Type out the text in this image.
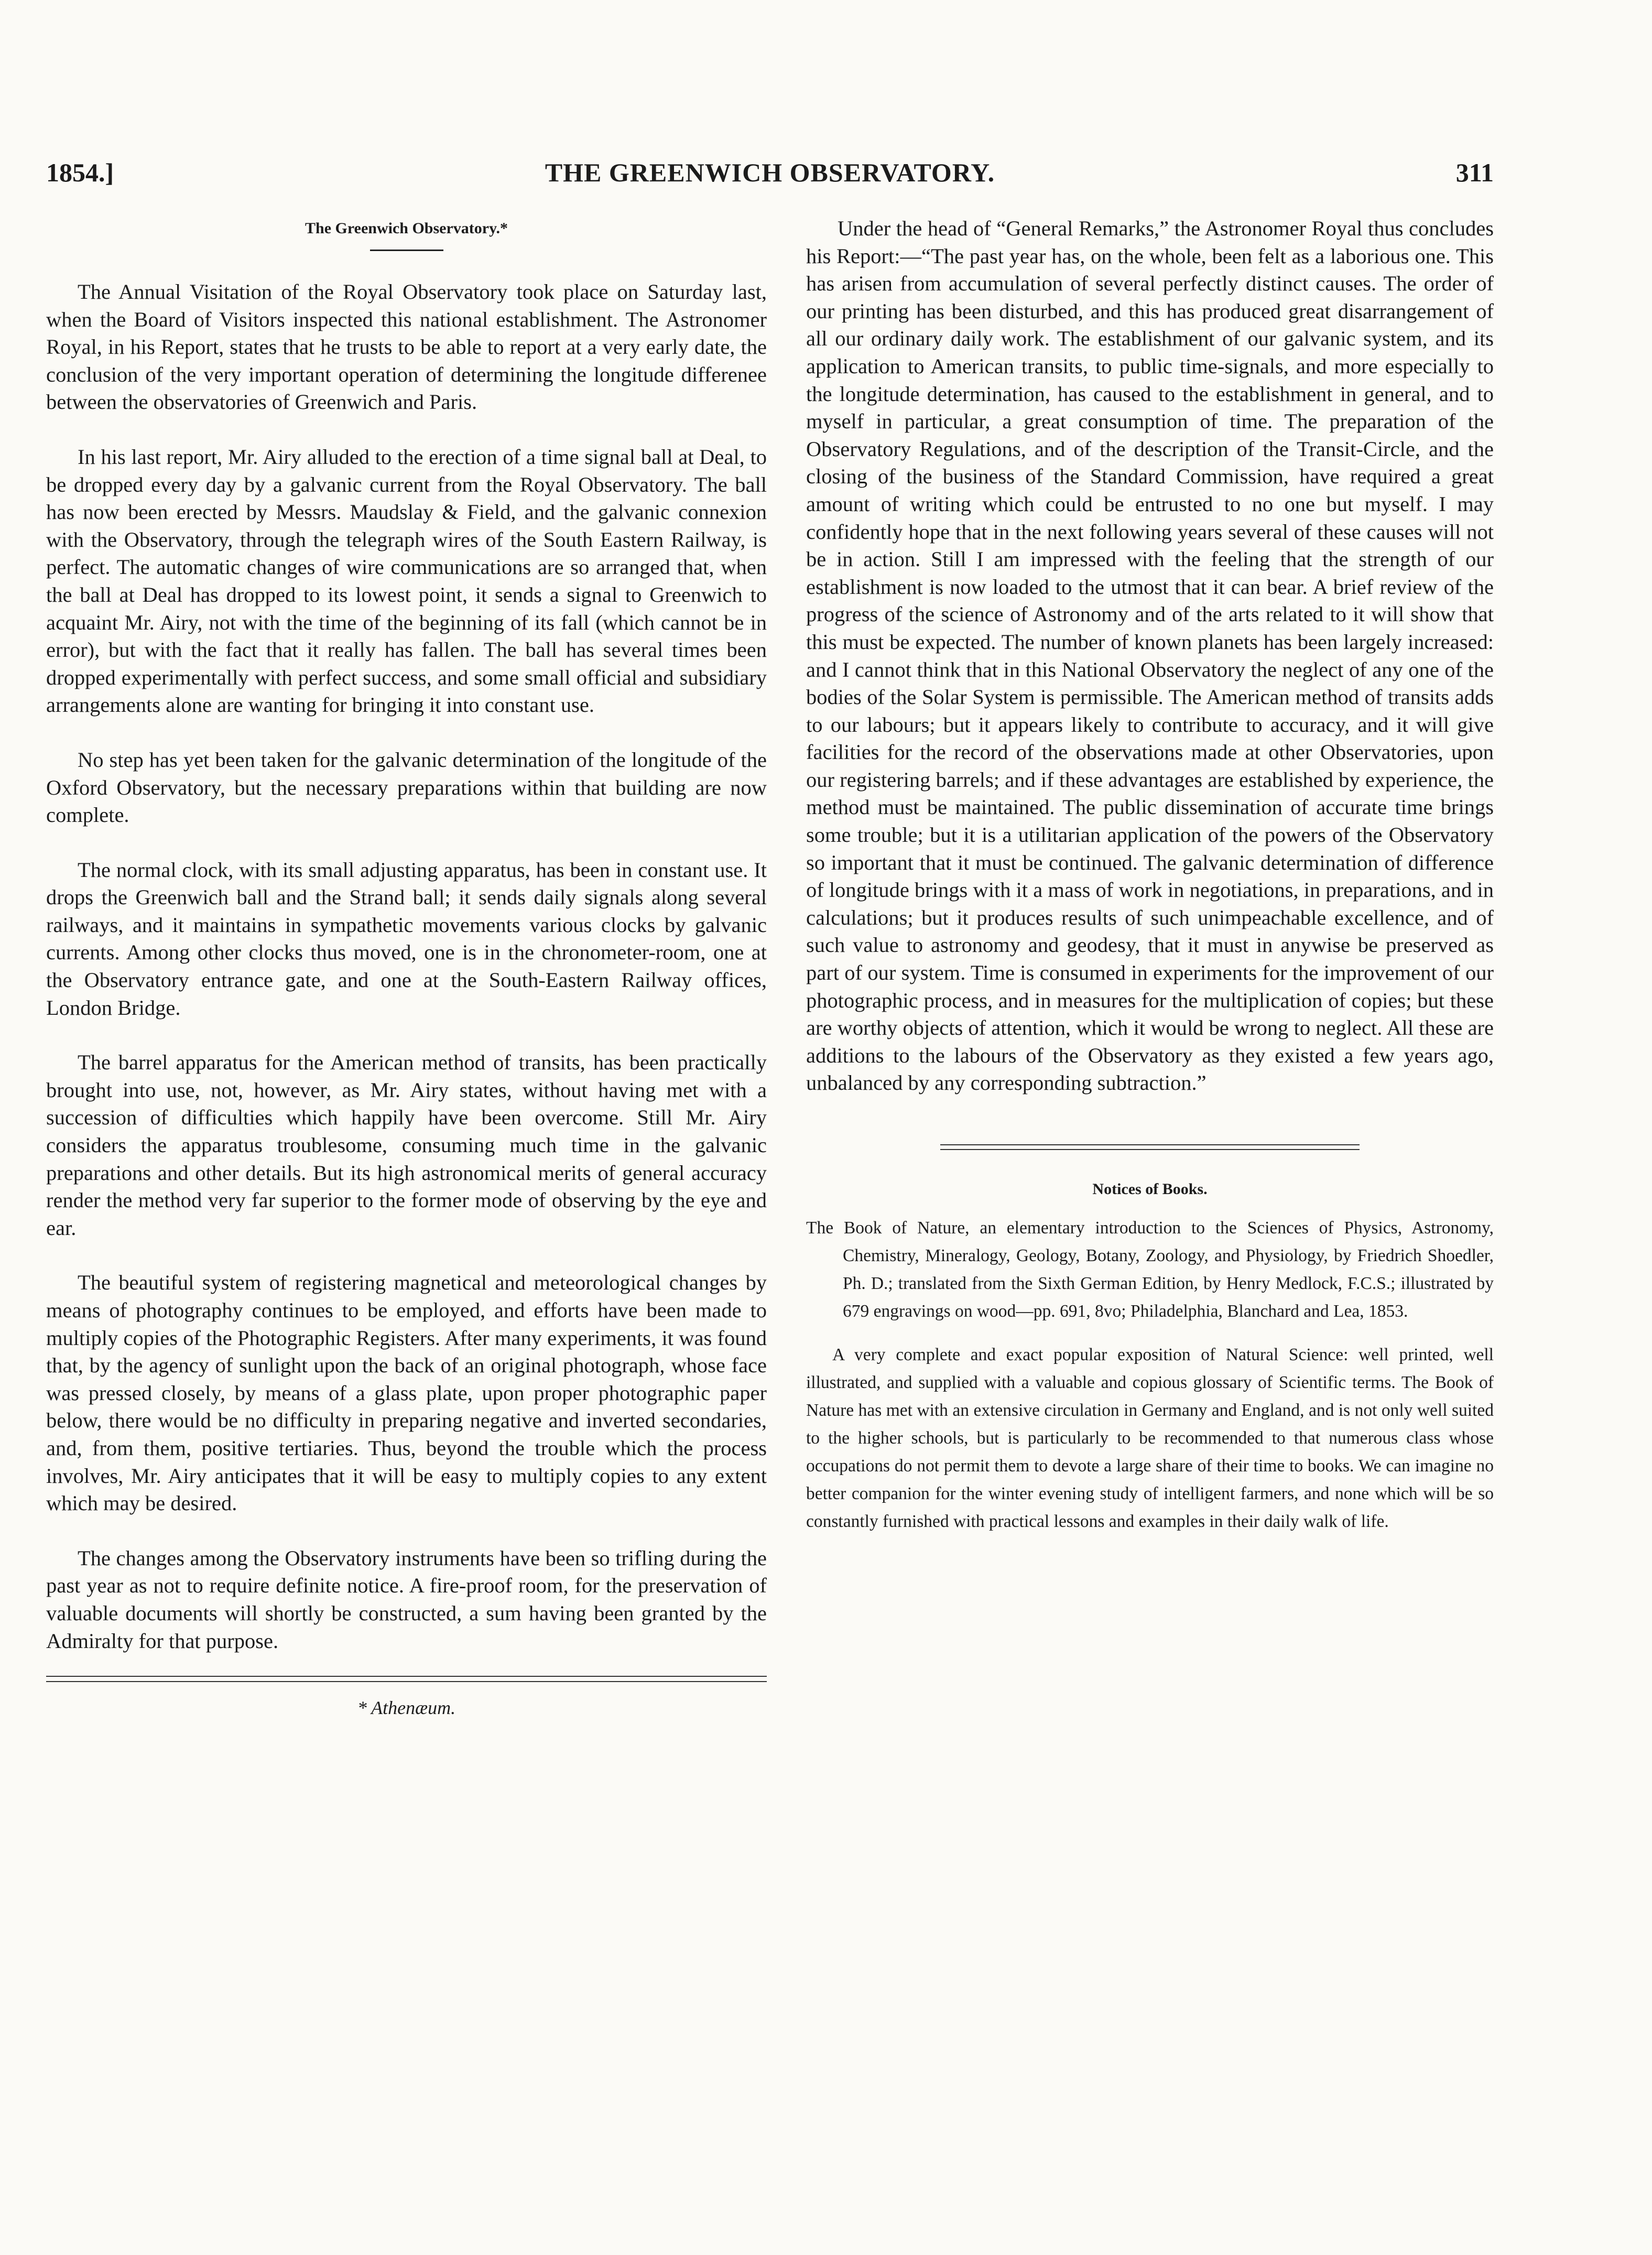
1854.]	THE GREENWICH OBSERVATORY.	311
The Greenwich Observatory.*

The Annual Visitation of the Royal Observatory took place on Saturday last, when the Board of Visitors inspected this national establishment. The Astronomer Royal, in his Report, states that he trusts to be able to report at a very early date, the conclusion of the very important operation of determining the longitude differenee between the observatories of Greenwich and Paris.

In his last report, Mr. Airy alluded to the erection of a time signal ball at Deal, to be dropped every day by a galvanic current from the Royal Observatory. The ball has now been erected by Messrs. Maudslay & Field, and the galvanic connexion with the Observatory, through the telegraph wires of the South Eastern Railway, is perfect. The automatic changes of wire communications are so arranged that, when the ball at Deal has dropped to its lowest point, it sends a signal to Greenwich to acquaint Mr. Airy, not with the time of the beginning of its fall (which cannot be in error), but with the fact that it really has fallen. The ball has several times been dropped experimentally with perfect success, and some small official and subsidiary arrangements alone are wanting for bringing it into constant use.

No step has yet been taken for the galvanic determination of the longitude of the Oxford Observatory, but the necessary preparations within that building are now complete.

The normal clock, with its small adjusting apparatus, has been in constant use. It drops the Greenwich ball and the Strand ball; it sends daily signals along several railways, and it maintains in sympathetic movements various clocks by galvanic currents. Among other clocks thus moved, one is in the chronometer-room, one at the Observatory entrance gate, and one at the South-Eastern Railway offices, London Bridge.

The barrel apparatus for the American method of transits, has been practically brought into use, not, however, as Mr. Airy states, without having met with a succession of difficulties which happily have been overcome. Still Mr. Airy considers the apparatus troublesome, consuming much time in the galvanic preparations and other details. But its high astronomical merits of general accuracy render the method very far superior to the former mode of observing by the eye and ear.

The beautiful system of registering magnetical and meteorological changes by means of photography continues to be employed, and efforts have been made to multiply copies of the Photographic Registers. After many experiments, it was found that, by the agency of sunlight upon the back of an original photograph, whose face was pressed closely, by means of a glass plate, upon proper photographic paper below, there would be no difficulty in preparing negative and inverted secondaries, and, from them, positive tertiaries. Thus, beyond the trouble which the process involves, Mr. Airy anticipates that it will be easy to multiply copies to any extent which may be desired.

The changes among the Observatory instruments have been so trifling during the past year as not to require definite notice. A fire-proof room, for the preservation of valuable documents will shortly be constructed, a sum having been granted by the Admiralty for that purpose.

* Athenæum.

Under the head of “General Remarks,” the Astronomer Royal thus concludes his Report:—“The past year has, on the whole, been felt as a laborious one. This has arisen from accumulation of several perfectly distinct causes. The order of our printing has been disturbed, and this has produced great disarrangement of all our ordinary daily work. The establishment of our galvanic system, and its application to American transits, to public time-signals, and more especially to the longitude determination, has caused to the establishment in general, and to myself in particular, a great consumption of time. The preparation of the Observatory Regulations, and of the description of the Transit-Circle, and the closing of the business of the Standard Commission, have required a great amount of writing which could be entrusted to no one but myself. I may confidently hope that in the next following years several of these causes will not be in action. Still I am impressed with the feeling that the strength of our establishment is now loaded to the utmost that it can bear. A brief review of the progress of the science of Astronomy and of the arts related to it will show that this must be expected. The number of known planets has been largely increased: and I cannot think that in this National Observatory the neglect of any one of the bodies of the Solar System is permissible. The American method of transits adds to our labours; but it appears likely to contribute to accuracy, and it will give facilities for the record of the observations made at other Observatories, upon our registering barrels; and if these advantages are established by experience, the method must be maintained. The public dissemination of accurate time brings some trouble; but it is a utilitarian application of the powers of the Observatory so important that it must be continued. The galvanic determination of difference of longitude brings with it a mass of work in negotiations, in preparations, and in calculations; but it produces results of such unimpeachable excellence, and of such value to astronomy and geodesy, that it must in anywise be preserved as part of our system. Time is consumed in experiments for the improvement of our photographic process, and in measures for the multiplication of copies; but these are worthy objects of attention, which it would be wrong to neglect. All these are additions to the labours of the Observatory as they existed a few years ago, unbalanced by any corresponding subtraction.”

Notices of Books.

The Book of Nature, an elementary introduction to the Sciences of Physics, Astronomy, Chemistry, Mineralogy, Geology, Botany, Zoology, and Physiology, by Friedrich Shoedler, Ph. D.; translated from the Sixth German Edition, by Henry Medlock, F.C.S.; illustrated by 679 engravings on wood—pp. 691, 8vo; Philadelphia, Blanchard and Lea, 1853.

A very complete and exact popular exposition of Natural Science: well printed, well illustrated, and supplied with a valuable and copious glossary of Scientific terms. The Book of Nature has met with an extensive circulation in Germany and England, and is not only well suited to the higher schools, but is particularly to be recommended to that numerous class whose occupations do not permit them to devote a large share of their time to books. We can imagine no better companion for the winter evening study of intelligent farmers, and none which will be so constantly furnished with practical lessons and examples in their daily walk of life.
